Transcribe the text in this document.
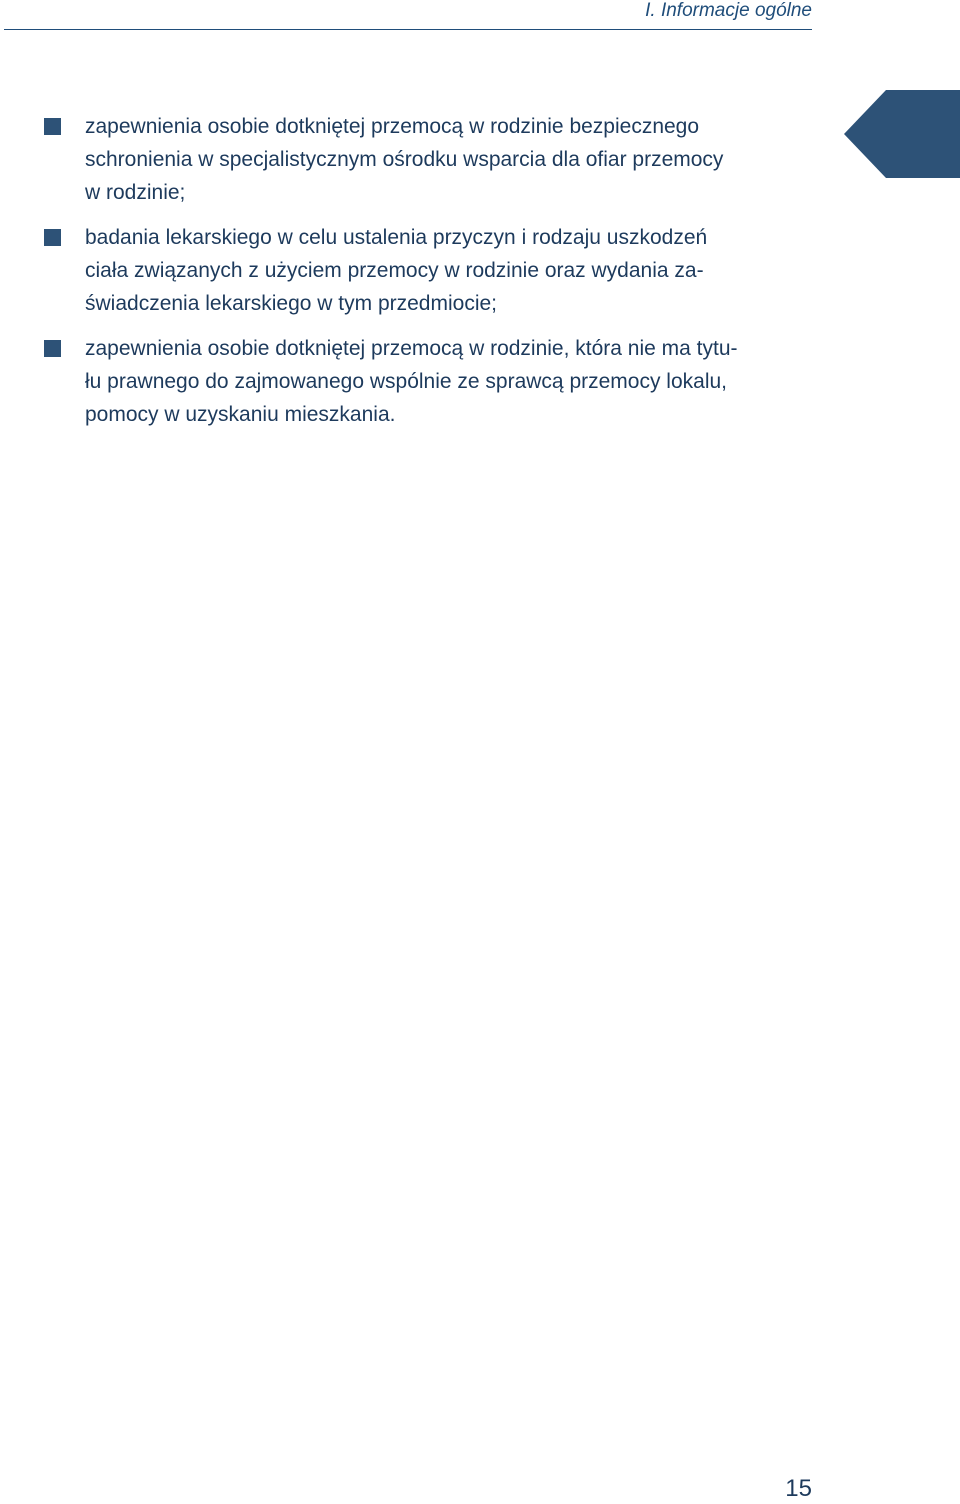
I. Informacje ogólne
zapewnienia osobie dotkniętej przemocą w rodzinie bezpiecznego
schronienia w specjalistycznym ośrodku wsparcia dla ofiar przemocy
w rodzinie;
badania lekarskiego w celu ustalenia przyczyn i rodzaju uszkodzeń
ciała związanych z użyciem przemocy w rodzinie oraz wydania za-
świadczenia lekarskiego w tym przedmiocie;
zapewnienia osobie dotkniętej przemocą w rodzinie, która nie ma tytu-
łu prawnego do zajmowanego wspólnie ze sprawcą przemocy lokalu,
pomocy w uzyskaniu mieszkania.
15
